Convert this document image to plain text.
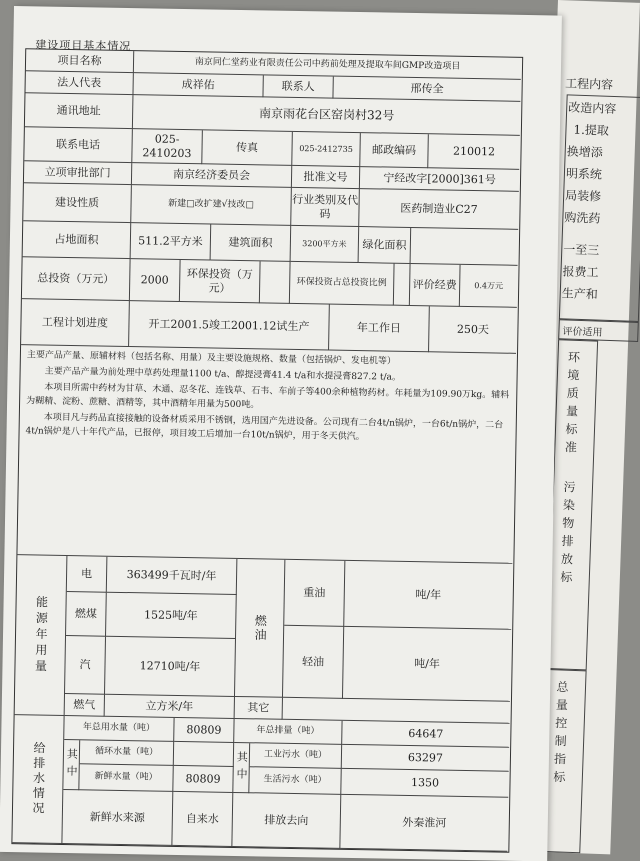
工程内容
改造内容
1.提取
换增添
明系统
局装修
购洗药
一至三
报费工
生产和
评价适用
环境质量标准
污染物排放标
总量控制指标
建设项目基本情况
项目名称	南京同仁堂药业有限责任公司中药前处理及提取车间GMP改造项目
法人代表	成祥佑	联系人	邢传全
通讯地址	南京雨花台区窑岗村32号
联系电话	025-2410203	传真	025-2412735	邮政编码	210012
立项审批部门	南京经济委员会	批准文号	宁经改字[2000]361号
建设性质	新建□改扩建√技改□	行业类别及代码	医药制造业C27
占地面积	511.2平方米	建筑面积	3200平方米	绿化面积
总投资（万元）	2000	环保投资（万元）	环保投资占总投资比例	评价经费	0.4万元
工程计划进度	开工2001.5竣工2001.12试生产	年工作日	250天

主要产品产量、原辅材料（包括名称、用量）及主要设施规格、数量（包括锅炉、发电机等）

主要产品产量为前处理中草药处理量1100 t/a、醇提浸膏41.4 t/a和水提浸膏827.2 t/a。

本项目所需中药材为甘草、木通、忍冬花、连钱草、石韦、车前子等400余种植物药材。年耗量为109.90万kg。辅料为糊精、淀粉、蔗糖、酒精等，其中酒精年用量为500吨。

本项目凡与药品直接接触的设备材质采用不锈钢，选用国产先进设备。公司现有二台4t/n锅炉，一台6t/n锅炉，二台4t/n锅炉是八十年代产品，已报停，项目竣工后增加一台10t/n锅炉，用于冬天供汽。

能源年用量
电	363499千瓦时/年
燃煤	1525吨/年
汽	12710吨/年
燃气	立方米/年	其它
燃油
重油	吨/年
轻油	吨/年
给排水情况
年总用水量（吨）	80809	年总排量（吨）	64647
其中	循环水量（吨）
新鲜水量（吨）	80809	其中	工业污水（吨）	63297
生活污水（吨）	1350
新鲜水来源	自来水	排放去向	外秦淮河
